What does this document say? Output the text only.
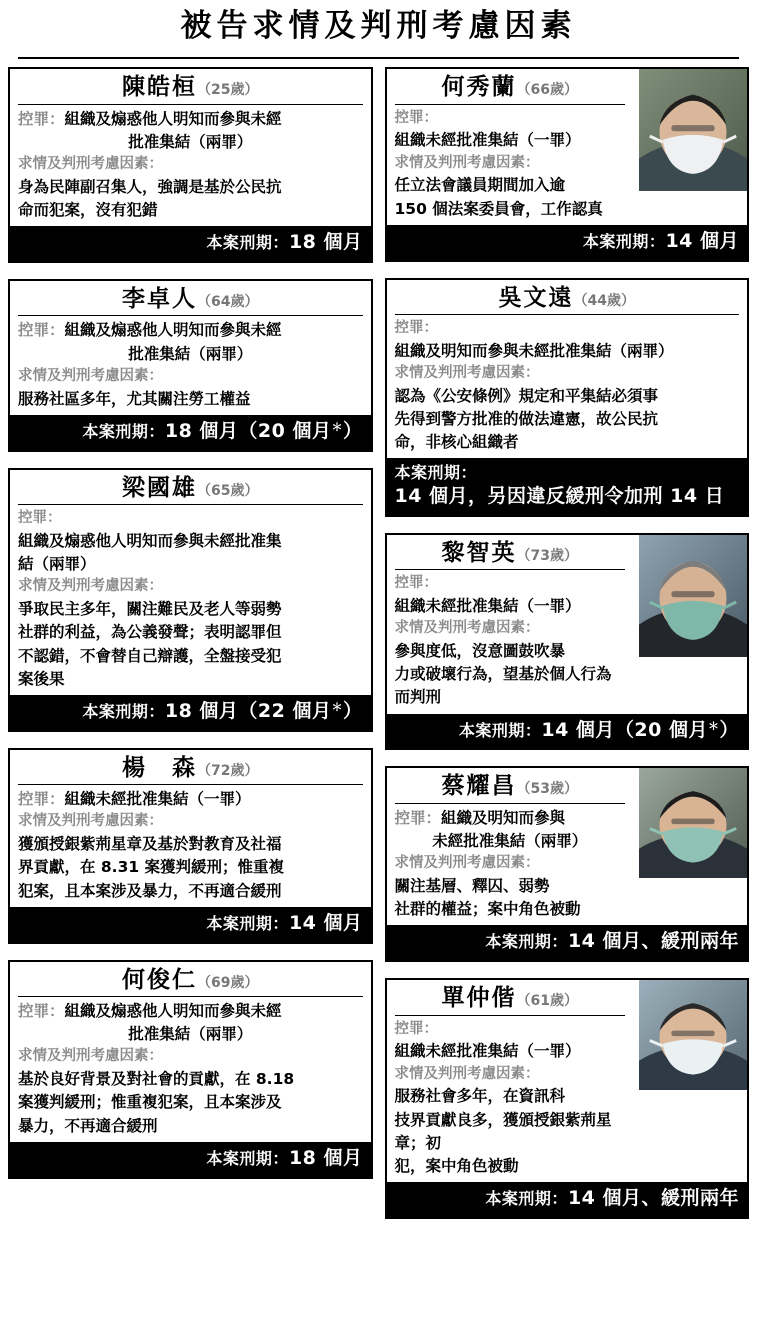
被告求情及判刑考慮因素
陳皓桓（25歲）
控罪：組織及煽惑他人明知而參與未經
批准集結（兩罪）
求情及判刑考慮因素：
身為民陣副召集人，強調是基於公民抗
命而犯案，沒有犯錯
本案刑期：18 個月
李卓人（64歲）
控罪：組織及煽惑他人明知而參與未經
批准集結（兩罪）
求情及判刑考慮因素：
服務社區多年，尤其關注勞工權益
本案刑期：18 個月（20 個月＊）
梁國雄（65歲）
控罪：
組織及煽惑他人明知而參與未經批准集
結（兩罪）
求情及判刑考慮因素：
爭取民主多年，關注難民及老人等弱勢
社群的利益，為公義發聲；表明認罪但
不認錯，不會替自己辯護，全盤接受犯
案後果
本案刑期：18 個月（22 個月＊）
楊　森（72歲）
控罪：組織未經批准集結（一罪）
求情及判刑考慮因素：
獲頒授銀紫荊星章及基於對教育及社福
界貢獻，在 8.31 案獲判緩刑；惟重複
犯案，且本案涉及暴力，不再適合緩刑
本案刑期：14 個月
何俊仁（69歲）
控罪：組織及煽惑他人明知而參與未經
批准集結（兩罪）
求情及判刑考慮因素：
基於良好背景及對社會的貢獻，在 8.18
案獲判緩刑；惟重複犯案，且本案涉及
暴力，不再適合緩刑
本案刑期：18 個月
何秀蘭（66歲）
控罪：
組織未經批准集結（一罪）
求情及判刑考慮因素：
任立法會議員期間加入逾
150 個法案委員會，工作認真
本案刑期：14 個月
吳文遠（44歲）
控罪：
組織及明知而參與未經批准集結（兩罪）
求情及判刑考慮因素：
認為《公安條例》規定和平集結必須事
先得到警方批准的做法違憲，故公民抗
命，非核心組織者
本案刑期：
14 個月，另因違反緩刑令加刑 14 日
黎智英（73歲）
控罪：
組織未經批准集結（一罪）
求情及判刑考慮因素：
參與度低，沒意圖鼓吹暴
力或破壞行為，望基於個人行為而判刑
本案刑期：14 個月（20 個月＊）
蔡耀昌（53歲）
控罪：組織及明知而參與
未經批准集結（兩罪）
求情及判刑考慮因素：
關注基層、釋囚、弱勢
社群的權益；案中角色被動
本案刑期：14 個月、緩刑兩年
單仲偕（61歲）
控罪：
組織未經批准集結（一罪）
求情及判刑考慮因素：
服務社會多年，在資訊科
技界貢獻良多，獲頒授銀紫荊星章；初
犯，案中角色被動
本案刑期：14 個月、緩刑兩年
